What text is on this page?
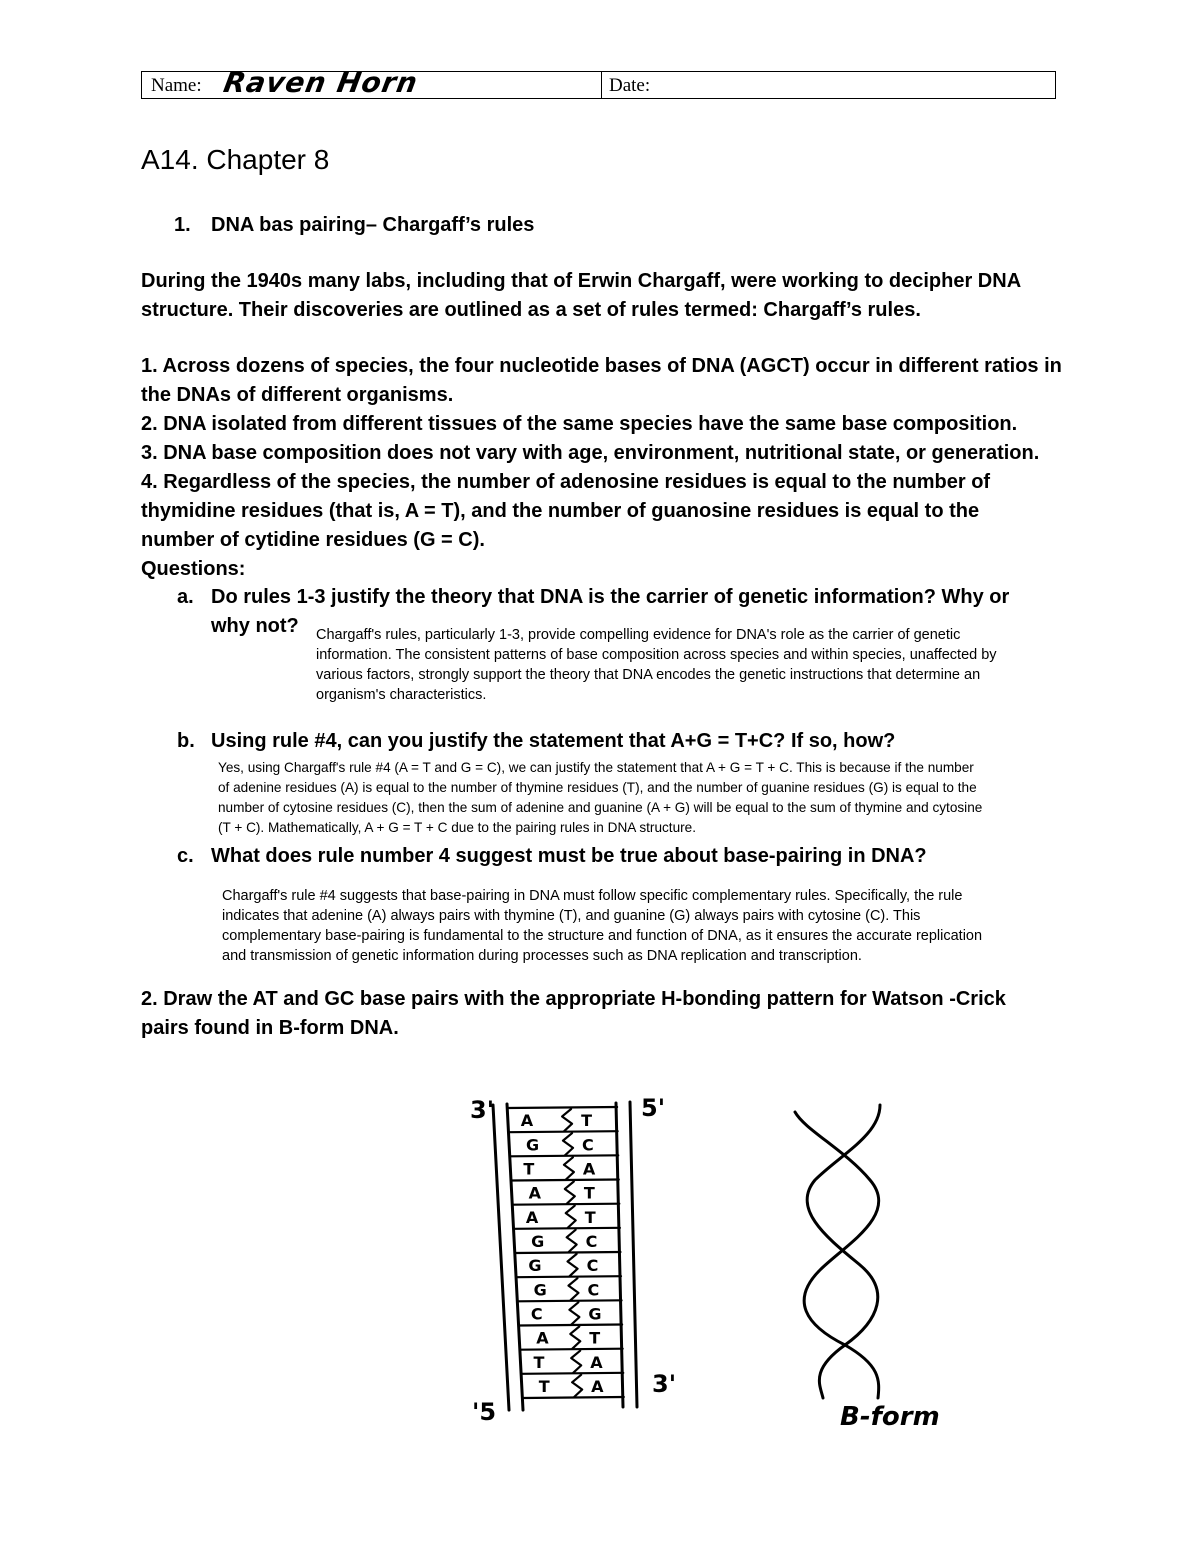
Name: Raven Horn	Date:
A14. Chapter 8
1. DNA bas pairing– Chargaff’s rules
During the 1940s many labs, including that of Erwin Chargaff, were working to decipher DNA
structure. Their discoveries are outlined as a set of rules termed: Chargaff’s rules.
1. Across dozens of species, the four nucleotide bases of DNA (AGCT) occur in different ratios in
the DNAs of different organisms.
2. DNA isolated from different tissues of the same species have the same base composition.
3. DNA base composition does not vary with age, environment, nutritional state, or generation.
4. Regardless of the species, the number of adenosine residues is equal to the number of
thymidine residues (that is, A = T), and the number of guanosine residues is equal to the
number of cytidine residues (G = C).
Questions:
a. Do rules 1-3 justify the theory that DNA is the carrier of genetic information? Why or
why not? Chargaff's rules, particularly 1-3, provide compelling evidence for DNA's role as the carrier of genetic
information. The consistent patterns of base composition across species and within species, unaffected by
various factors, strongly support the theory that DNA encodes the genetic instructions that determine an
organism's characteristics.
b. Using rule #4, can you justify the statement that A+G = T+C? If so, how?
Yes, using Chargaff's rule #4 (A = T and G = C), we can justify the statement that A + G = T + C. This is because if the number
of adenine residues (A) is equal to the number of thymine residues (T), and the number of guanine residues (G) is equal to the
number of cytosine residues (C), then the sum of adenine and guanine (A + G) will be equal to the sum of thymine and cytosine
(T + C). Mathematically, A + G = T + C due to the pairing rules in DNA structure.
c. What does rule number 4 suggest must be true about base-pairing in DNA?
Chargaff's rule #4 suggests that base-pairing in DNA must follow specific complementary rules. Specifically, the rule
indicates that adenine (A) always pairs with thymine (T), and guanine (G) always pairs with cytosine (C). This
complementary base-pairing is fundamental to the structure and function of DNA, as it ensures the accurate replication
and transmission of genetic information during processes such as DNA replication and transcription.
2. Draw the AT and GC base pairs with the appropriate H-bonding pattern for Watson -Crick
pairs found in B-form DNA.
A
G
T
A
A
G
G
G
C
A
T
T
T
C
A
T
T
C
C
C
G
T
A
A
3'	5'
'5
3'
B-form
